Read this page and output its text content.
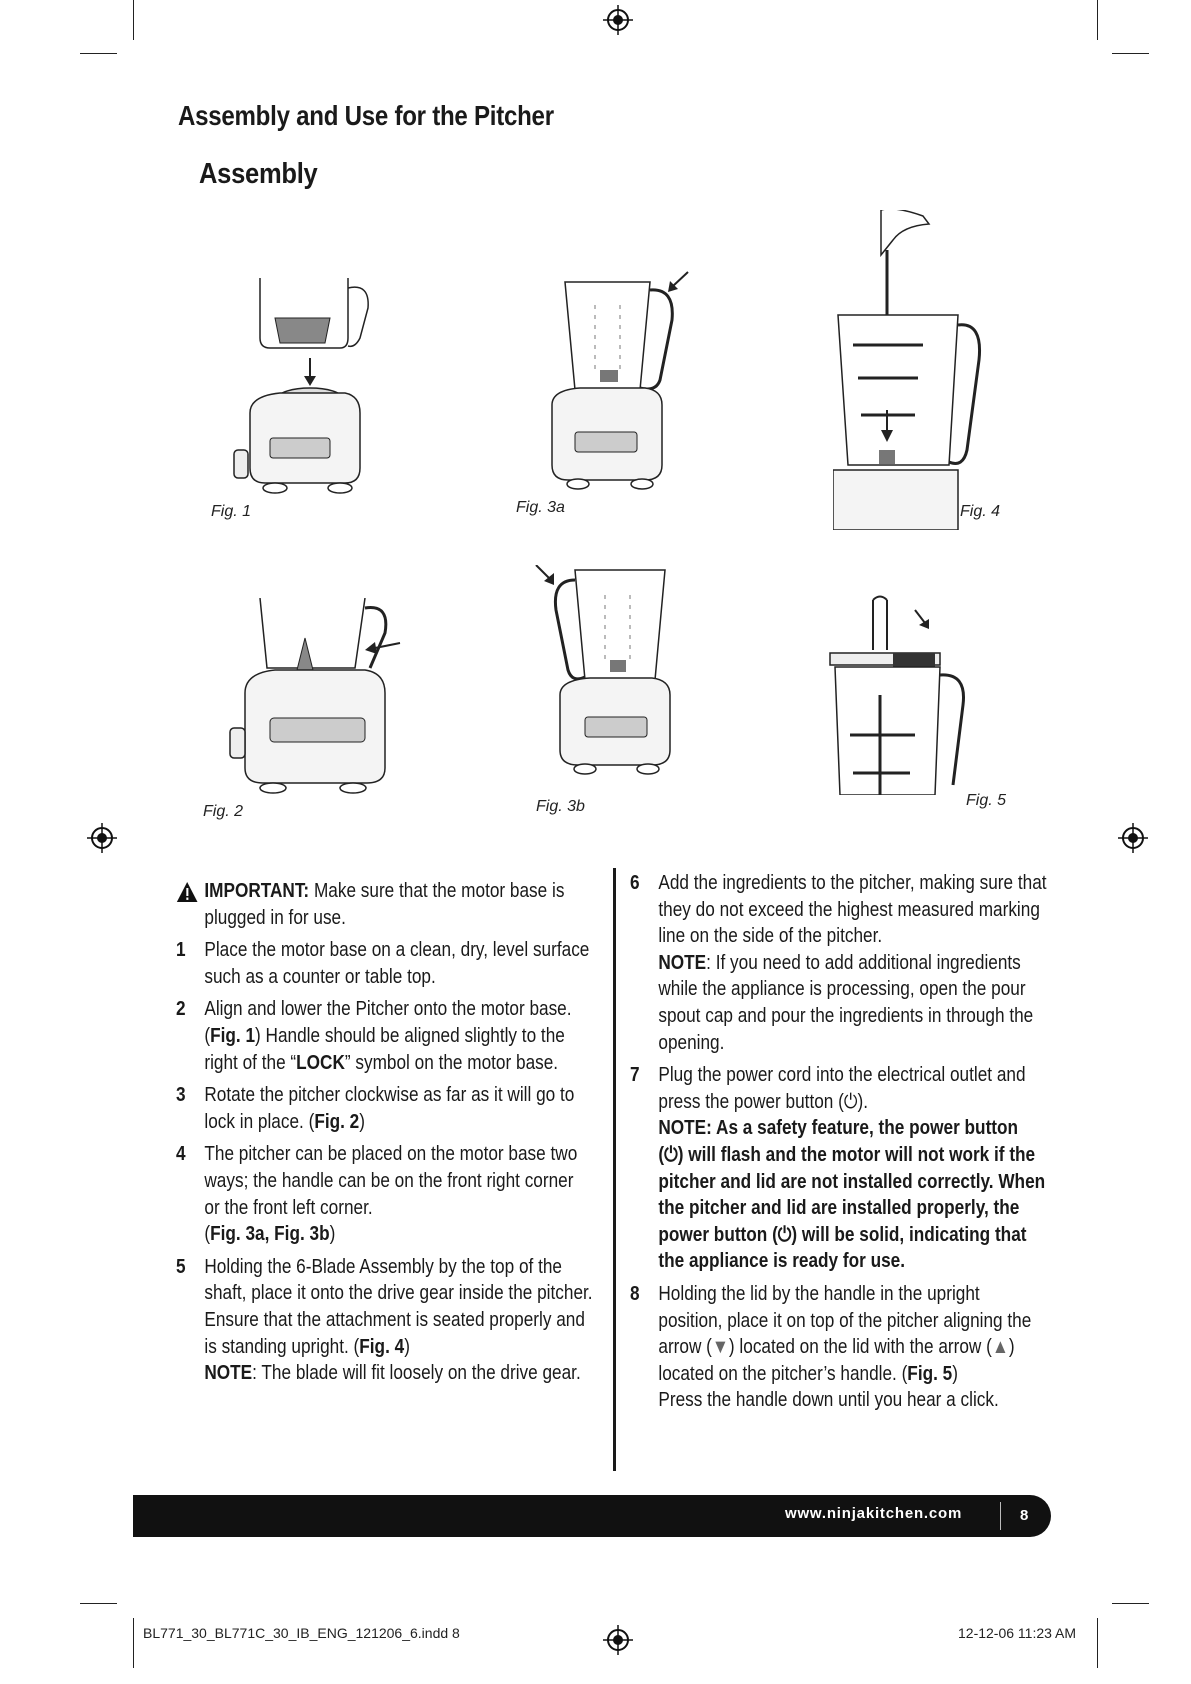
Assembly and Use for the Pitcher
Assembly
Fig. 1	Fig. 3a	Fig. 4
Fig. 2	Fig. 3b	Fig. 5
IMPORTANT: Make sure that the motor base is plugged in for use.
1 Place the motor base on a clean, dry, level surface such as a counter or table top.
2 Align and lower the Pitcher onto the motor base. (Fig. 1) Handle should be aligned slightly to the right of the “LOCK” symbol on the motor base.
3 Rotate the pitcher clockwise as far as it will go to lock in place. (Fig. 2)
4 The pitcher can be placed on the motor base two ways; the handle can be on the front right corner or the front left corner.
(Fig. 3a, Fig. 3b)
5 Holding the 6-Blade Assembly by the top of the shaft, place it onto the drive gear inside the pitcher. Ensure that the attachment is seated properly and is standing upright. (Fig. 4)
NOTE: The blade will fit loosely on the drive gear.
6 Add the ingredients to the pitcher, making sure that they do not exceed the highest measured marking line on the side of the pitcher.
NOTE: If you need to add additional ingredients while the appliance is processing, open the pour spout cap and pour the ingredients in through the opening.
7 Plug the power cord into the electrical outlet and press the power button (⏻).
NOTE: As a safety feature, the power button (⏻) will flash and the motor will not work if the pitcher and lid are not installed correctly. When the pitcher and lid are installed properly, the power button (⏻) will be solid, indicating that the appliance is ready for use.
8 Holding the lid by the handle in the upright position, place it on top of the pitcher aligning the arrow (▼) located on the lid with the arrow (▲) located on the pitcher’s handle. (Fig. 5)
Press the handle down until you hear a click.
www.ninjakitchen.com	8
BL771_30_BL771C_30_IB_ENG_121206_6.indd 8	12-12-06 11:23 AM
